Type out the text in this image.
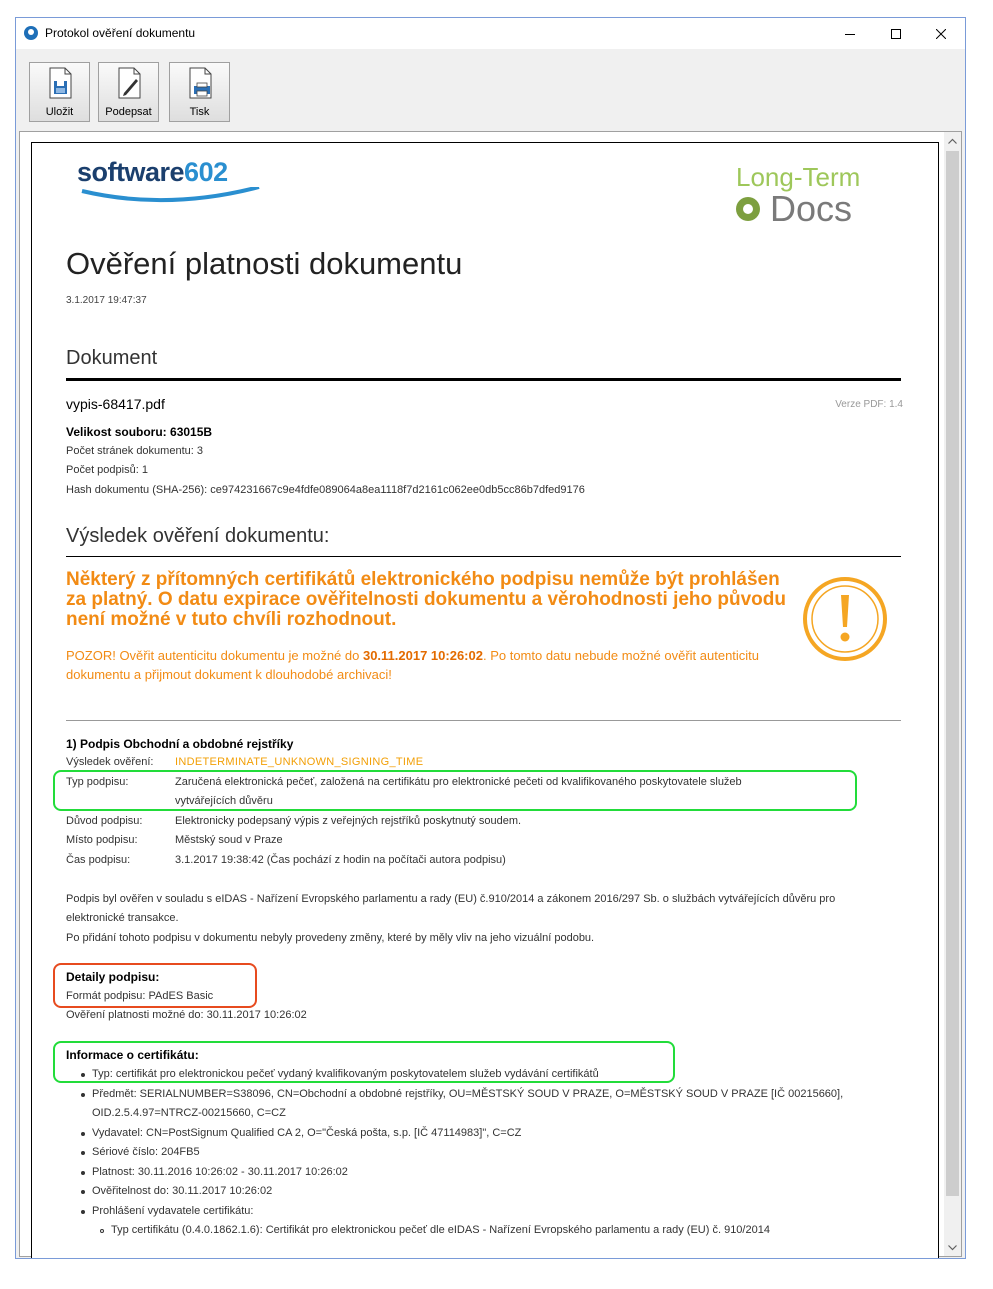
Protokol ověření dokumentu
Uložit	Podepsat	Tisk
software602	Long-Term
Docs
Ověření platnosti dokumentu
3.1.2017 19:47:37
Dokument
vypis-68417.pdf	Verze PDF: 1.4
Velikost souboru: 63015B
Počet stránek dokumentu: 3
Počet podpisů: 1
Hash dokumentu (SHA-256): ce974231667c9e4fdfe089064a8ea1118f7d2161c062ee0db5cc86b7dfed9176
Výsledek ověření dokumentu:
Některý z přítomných certifikátů elektronického podpisu nemůže být prohlášen za platný. O datu expirace ověřitelnosti dokumentu a věrohodnosti jeho původu není možné v tuto chvíli rozhodnout.
POZOR! Ověřit autenticitu dokumentu je možné do 30.11.2017 10:26:02. Po tomto datu nebude možné ověřit autenticitu dokumentu a přijmout dokument k dlouhodobé archivaci!
1) Podpis Obchodní a obdobné rejstříky
Výsledek ověření: INDETERMINATE_UNKNOWN_SIGNING_TIME
Typ podpisu:	Zaručená elektronická pečeť, založená na certifikátu pro elektronické pečeti od kvalifikovaného poskytovatele služeb
vytvářejících důvěru
Důvod podpisu:	Elektronicky podepsaný výpis z veřejných rejstříků poskytnutý soudem.
Místo podpisu:	Městský soud v Praze
Čas podpisu:	3.1.2017 19:38:42 (Čas pochází z hodin na počítači autora podpisu)
Podpis byl ověřen v souladu s eIDAS - Nařízení Evropského parlamentu a rady (EU) č.910/2014 a zákonem 2016/297 Sb. o službách vytvářejících důvěru pro
elektronické transakce.
Po přidání tohoto podpisu v dokumentu nebyly provedeny změny, které by měly vliv na jeho vizuální podobu.
Detaily podpisu:
Formát podpisu: PAdES Basic
Ověření platnosti možné do: 30.11.2017 10:26:02
Informace o certifikátu:
Typ: certifikát pro elektronickou pečeť vydaný kvalifikovaným poskytovatelem služeb vydávání certifikátů
Předmět: SERIALNUMBER=S38096, CN=Obchodní a obdobné rejstříky, OU=MĚSTSKÝ SOUD V PRAZE, O=MĚSTSKÝ SOUD V PRAZE [IČ 00215660],
OID.2.5.4.97=NTRCZ-00215660, C=CZ
Vydavatel: CN=PostSignum Qualified CA 2, O="Česká pošta, s.p. [IČ 47114983]", C=CZ
Sériové číslo: 204FB5
Platnost: 30.11.2016 10:26:02 - 30.11.2017 10:26:02
Ověřitelnost do: 30.11.2017 10:26:02
Prohlášení vydavatele certifikátu:
Typ certifikátu (0.4.0.1862.1.6): Certifikát pro elektronickou pečeť dle eIDAS - Nařízení Evropského parlamentu a rady (EU) č. 910/2014
